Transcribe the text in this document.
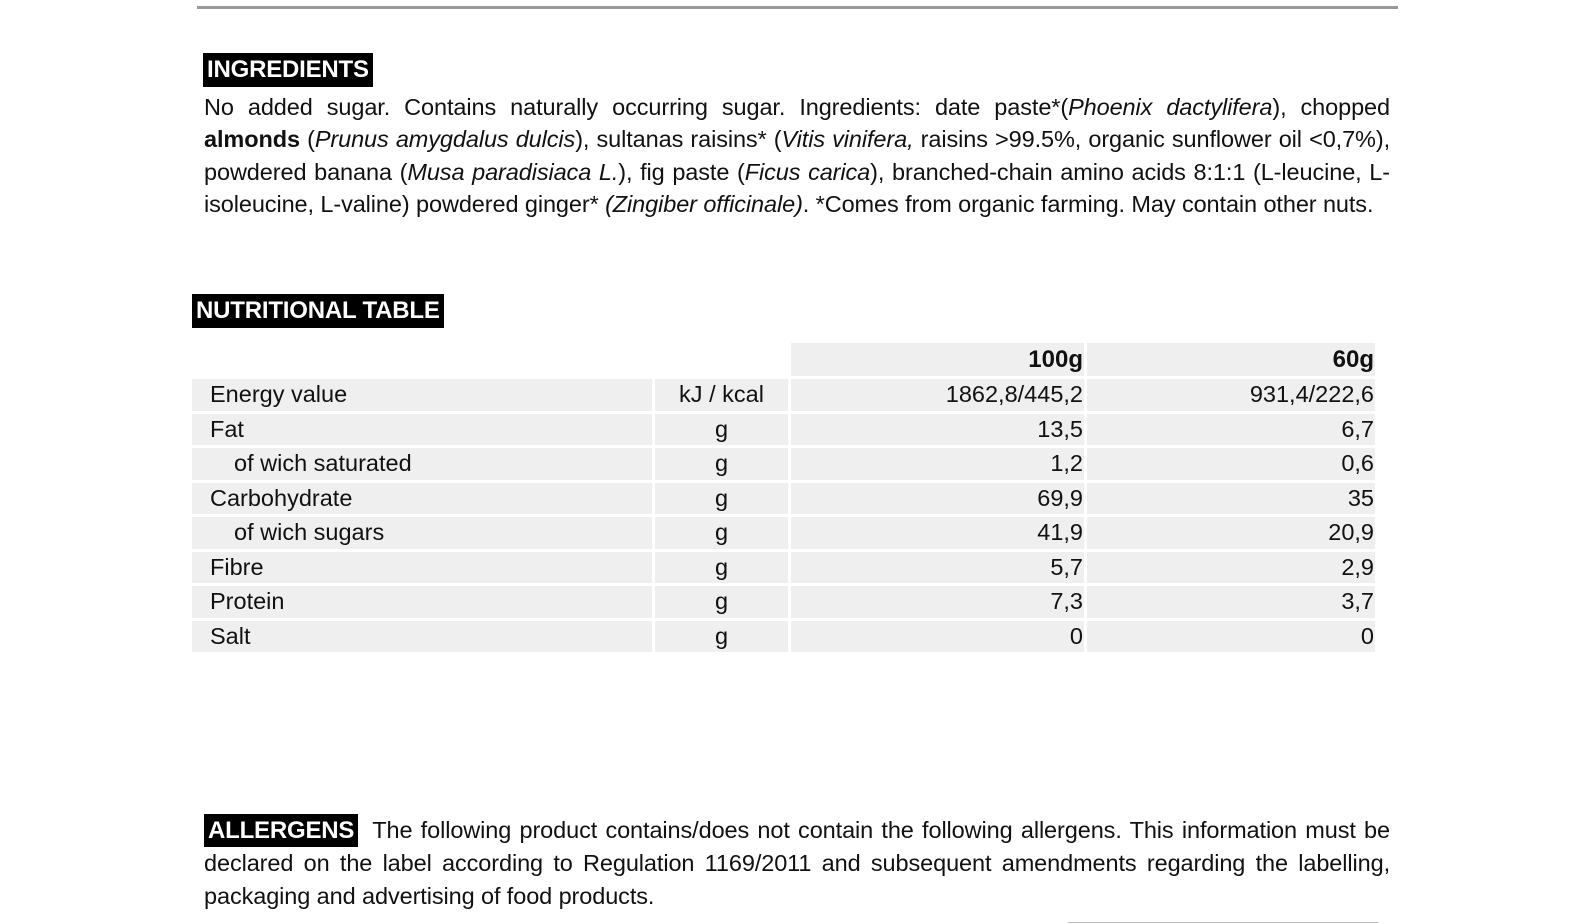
INGREDIENTS

No added sugar. Contains naturally occurring sugar. Ingredients: date paste*(Phoenix dactylifera), chopped almonds (Prunus amygdalus dulcis), sultanas raisins* (Vitis vinifera, raisins >99.5%, organic sunflower oil <0,7%), powdered banana (Musa paradisiaca L.), fig paste (Ficus carica), branched-chain amino acids 8:1:1 (L-leucine, L-isoleucine, L-valine) powdered ginger* (Zingiber officinale). *Comes from organic farming. May contain other nuts.

NUTRITIONAL TABLE
		100g	60g
Energy value	kJ / kcal	1862,8/445,2	931,4/222,6
Fat	g	13,5	6,7
of wich saturated	g	1,2	0,6
Carbohydrate	g	69,9	35
of wich sugars	g	41,9	20,9
Fibre	g	5,7	2,9
Protein	g	7,3	3,7
Salt	g	0	0

ALLERGENS The following product contains/does not contain the following allergens. This information must be declared on the label according to Regulation 1169/2011 and subsequent amendments regarding the labelling, packaging and advertising of food products.
